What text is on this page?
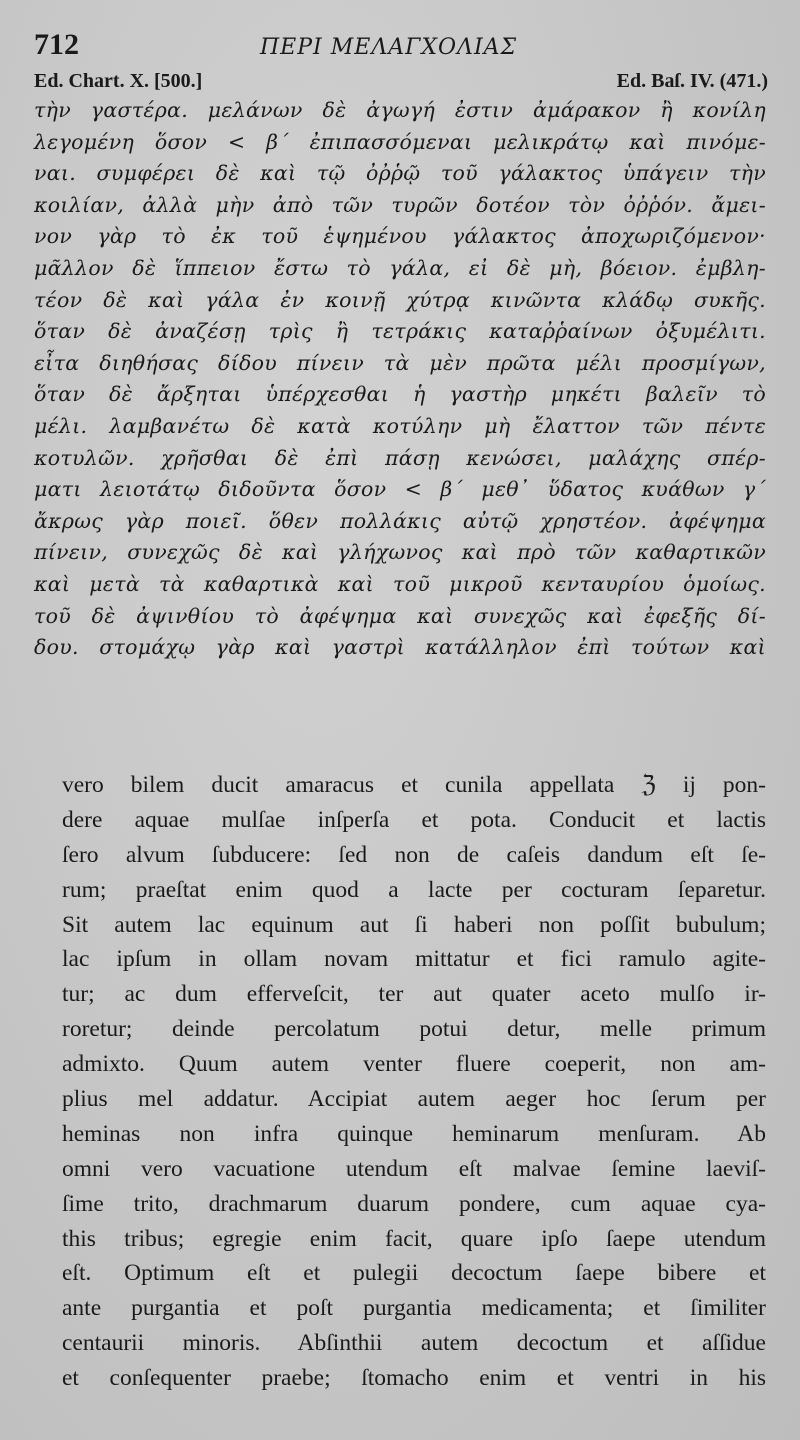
712	ΠΕΡΙ ΜΕΛΑΓΧΟΛΙΑΣ
Ed. Chart. X. [500.]	Ed. Baſ. IV. (471.)
τὴν γαστέρα. μελάνων δὲ ἀγωγή ἐστιν ἀμάρακον ἢ κονίλη
λεγομένη ὅσον < β΄ ἐπιπασσόμεναι μελικράτῳ καὶ πινόμε-
ναι. συμφέρει δὲ καὶ τῷ ὀῤῥῷ τοῦ γάλακτος ὑπάγειν τὴν
κοιλίαν, ἀλλὰ μὴν ἀπὸ τῶν τυρῶν δοτέον τὸν ὀῤῥόν. ἄμει-
νον γὰρ τὸ ἐκ τοῦ ἑψημένου γάλακτος ἀποχωριζόμενον·
μᾶλλον δὲ ἵππειον ἔστω τὸ γάλα, εἰ δὲ μὴ, βόειον. ἐμβλη-
τέον δὲ καὶ γάλα ἐν κοινῇ χύτρᾳ κινῶντα κλάδῳ συκῆς.
ὅταν δὲ ἀναζέσῃ τρὶς ἢ τετράκις καταῤῥαίνων ὀξυμέλιτι.
εἶτα διηθήσας δίδου πίνειν τὰ μὲν πρῶτα μέλι προσμίγων,
ὅταν δὲ ἄρξηται ὑπέρχεσθαι ἡ γαστὴρ μηκέτι βαλεῖν τὸ
μέλι. λαμβανέτω δὲ κατὰ κοτύλην μὴ ἔλαττον τῶν πέντε
κοτυλῶν. χρῆσθαι δὲ ἐπὶ πάσῃ κενώσει, μαλάχης σπέρ-
ματι λειοτάτῳ διδοῦντα ὅσον < β΄ μεθ᾽ ὕδατος κυάθων γ΄
ἄκρως γὰρ ποιεῖ. ὅθεν πολλάκις αὐτῷ χρηστέον. ἀφέψημα
πίνειν, συνεχῶς δὲ καὶ γλήχωνος καὶ πρὸ τῶν καθαρτικῶν
καὶ μετὰ τὰ καθαρτικὰ καὶ τοῦ μικροῦ κενταυρίου ὁμοίως.
τοῦ δὲ ἀψινθίου τὸ ἀφέψημα καὶ συνεχῶς καὶ ἐφεξῆς δί-
δου. στομάχῳ γὰρ καὶ γαστρὶ κατάλληλον ἐπὶ τούτων καὶ
vero bilem ducit amaracus et cunila appellata ℨ ij pon-
dere aquae mulſae inſperſa et pota. Conducit et lactis
ſero alvum ſubducere: ſed non de caſeis dandum eſt ſe-
rum; praeſtat enim quod a lacte per cocturam ſeparetur.
Sit autem lac equinum aut ſi haberi non poſſit bubulum;
lac ipſum in ollam novam mittatur et fici ramulo agite-
tur; ac dum efferveſcit, ter aut quater aceto mulſo ir-
roretur; deinde percolatum potui detur, melle primum
admixto. Quum autem venter fluere coeperit, non am-
plius mel addatur. Accipiat autem aeger hoc ſerum per
heminas non infra quinque heminarum menſuram. Ab
omni vero vacuatione utendum eſt malvae ſemine laeviſ-
ſime trito, drachmarum duarum pondere, cum aquae cya-
this tribus; egregie enim facit, quare ipſo ſaepe utendum
eſt. Optimum eſt et pulegii decoctum ſaepe bibere et
ante purgantia et poſt purgantia medicamenta; et ſimiliter
centaurii minoris. Abſinthii autem decoctum et aſſidue
et conſequenter praebe; ſtomacho enim et ventri in his
